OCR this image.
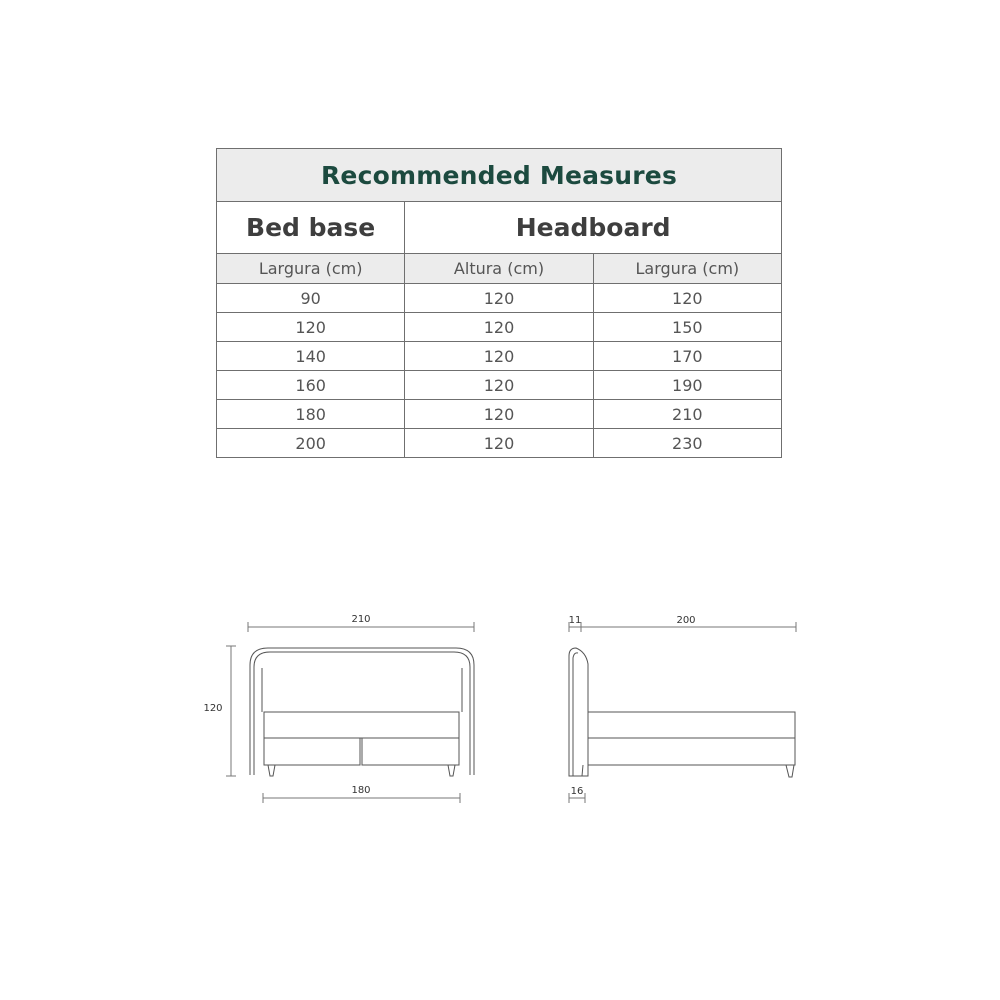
Recommended Measures		
Bed base	Headboard	
Largura (cm)	Altura (cm)	Largura (cm)
90	120	120
120	120	150
140	120	170
160	120	190
180	120	210
200	120	230
210
120
180
11	200
16
